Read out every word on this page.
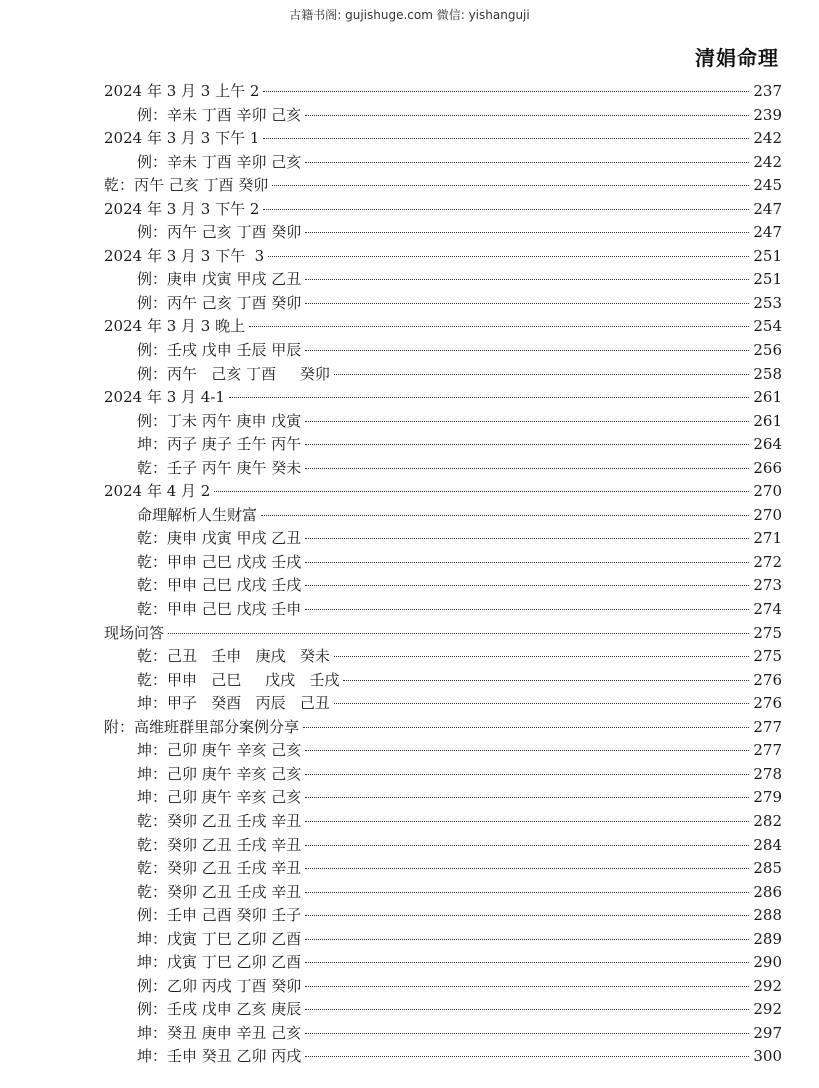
古籍书阁: gujishuge.com 微信: yishanguji
清娟命理
2024 年 3 月 3 上午 2	237
例：辛未 丁酉 辛卯 己亥	239
2024 年 3 月 3 下午 1	242
例：辛未 丁酉 辛卯 己亥	242
乾：丙午 己亥 丁酉 癸卯	245
2024 年 3 月 3 下午 2	247
例：丙午 己亥 丁酉 癸卯	247
2024 年 3 月 3 下午  3	251
例：庚申 戊寅 甲戌 乙丑	251
例：丙午 己亥 丁酉 癸卯	253
2024 年 3 月 3 晚上	254
例：壬戌 戊申 壬辰 甲辰	256
例：丙午   己亥 丁酉     癸卯	258
2024 年 3 月 4-1	261
例：丁未 丙午 庚申 戊寅	261
坤：丙子 庚子 壬午 丙午	264
乾：壬子 丙午 庚午 癸未	266
2024 年 4 月 2	270
命理解析人生财富	270
乾：庚申 戊寅 甲戌 乙丑	271
乾：甲申 己巳 戊戌 壬戌	272
乾：甲申 己巳 戊戌 壬戌	273
乾：甲申 己巳 戊戌 壬申	274
现场问答	275
乾：己丑   壬申   庚戌   癸未	275
乾：甲申   己巳     戊戌   壬戌	276
坤：甲子   癸酉   丙辰   己丑	276
附：高维班群里部分案例分享	277
坤：己卯 庚午 辛亥 己亥	277
坤：己卯 庚午 辛亥 己亥	278
坤：己卯 庚午 辛亥 己亥	279
乾：癸卯 乙丑 壬戌 辛丑	282
乾：癸卯 乙丑 壬戌 辛丑	284
乾：癸卯 乙丑 壬戌 辛丑	285
乾：癸卯 乙丑 壬戌 辛丑	286
例：壬申 己酉 癸卯 壬子	288
坤：戊寅 丁巳 乙卯 乙酉	289
坤：戊寅 丁巳 乙卯 乙酉	290
例：乙卯 丙戌 丁酉 癸卯	292
例：壬戌 戊申 乙亥 庚辰	292
坤：癸丑 庚申 辛丑 己亥	297
坤：壬申 癸丑 乙卯 丙戌	300
